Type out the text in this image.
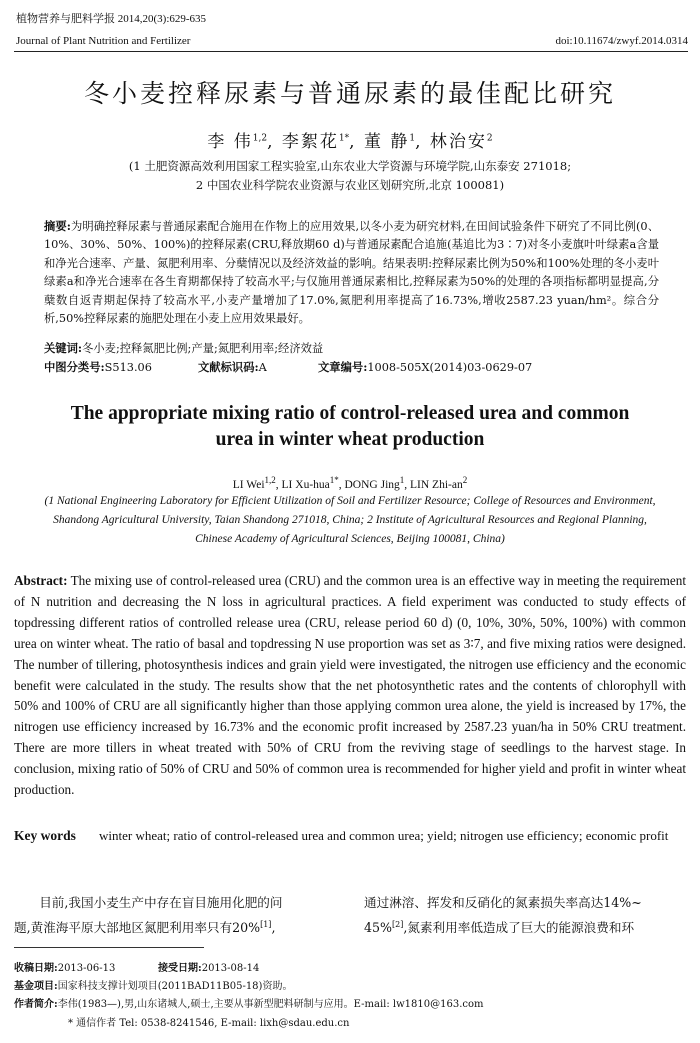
植物营养与肥料学报 2014,20(3):629-635
Journal of Plant Nutrition and Fertilizer	doi:10.11674/zwyf.2014.0314
冬小麦控释尿素与普通尿素的最佳配比研究
李 伟$^{1,2}$, 李絮花$^{1*}$, 董 静$^1$, 林治安$^2$
(1 土肥资源高效利用国家工程实验室,山东农业大学资源与环境学院,山东泰安 271018;
2 中国农业科学院农业资源与农业区划研究所,北京 100081)
摘要:为明确控释尿素与普通尿素配合施用在作物上的应用效果,以冬小麦为研究材料,在田间试验条件下研究了不同比例(0、10%、30%、50%、100%)的控释尿素(CRU,释放期60 d)与普通尿素配合追施(基追比为3∶7)对冬小麦旗叶叶绿素a含量和净光合速率、产量、氮肥利用率、分蘖情况以及经济效益的影响。结果表明:控释尿素比例为50%和100%处理的冬小麦叶绿素a和净光合速率在各生育期都保持了较高水平;与仅施用普通尿素相比,控释尿素为50%的处理的各项指标都明显提高,分蘖数自返青期起保持了较高水平,小麦产量增加了17.0%,氮肥利用率提高了16.73%,增收2587.23 yuan/hm²。综合分析,50%控释尿素的施肥处理在小麦上应用效果最好。
关键词:冬小麦;控释氮肥比例;产量;氮肥利用率;经济效益
中图分类号:S513.06	文献标识码:A	文章编号:1008-505X(2014)03-0629-07
The appropriate mixing ratio of control-released urea and common
urea in winter wheat production
LI Wei$^{1,2}$, LI Xu-hua$^{1*}$, DONG Jing$^1$, LIN Zhi-$an^2$
(1 National Engineering Laboratory for Efficient Utilization of Soil and Fertilizer Resource; College of Resources and Environment,
Shandong Agricultural University, Taian Shandong 271018, China; 2 Institute of Agricultural Resources and Regional Planning,
Chinese Academy of Agricultural Sciences, Beijing 100081, China)
Abstract: The mixing use of control-released urea (CRU) and the common urea is an effective way in meeting the requirement of N nutrition and decreasing the N loss in agricultural practices. A field experiment was conducted to study effects of topdressing different ratios of controlled release urea (CRU, release period 60 d) (0, 10%, 30%, 50%, 100%) with common urea on winter wheat. The ratio of basal and topdressing N use proportion was set as 3∶7, and five mixing ratios were designed. The number of tillering, photosynthesis indices and grain yield were investigated, the nitrogen use efficiency and the economic benefit were calculated in the study. The results show that the net photosynthetic rates and the contents of chlorophyll with 50% and 100% of CRU are all significantly higher than those applying common urea alone, the yield is increased by 17%, the nitrogen use efficiency increased by 16.73% and the economic profit increased by 2587.23 yuan/ha in 50% CRU treatment. There are more tillers in wheat treated with 50% of CRU from the reviving stage of seedlings to the harvest stage. In conclusion, mixing ratio of 50% of CRU and 50% of common urea is recommended for higher yield and profit in winter wheat production.
Key words winter wheat; ratio of control-released urea and common urea; yield; nitrogen use efficiency; economic profit
目前,我国小麦生产中存在盲目施用化肥的问
题,黄淮海平原大部地区氮肥利用率只有20%[1],
通过淋溶、挥发和反硝化的氮素损失率高达14%~
45%[2],氮素利用率低造成了巨大的能源浪费和环
收稿日期:2013-06-13	接受日期:2013-08-14
基金项目:国家科技支撑计划项目(2011BAD11B05-18)资助。
作者简介:李伟(1983—),男,山东诸城人,硕士,主要从事新型肥料研制与应用。E-mail: lw1810@163.com
* 通信作者 Tel: 0538-8241546, E-mail: lixh@sdau.edu.cn
